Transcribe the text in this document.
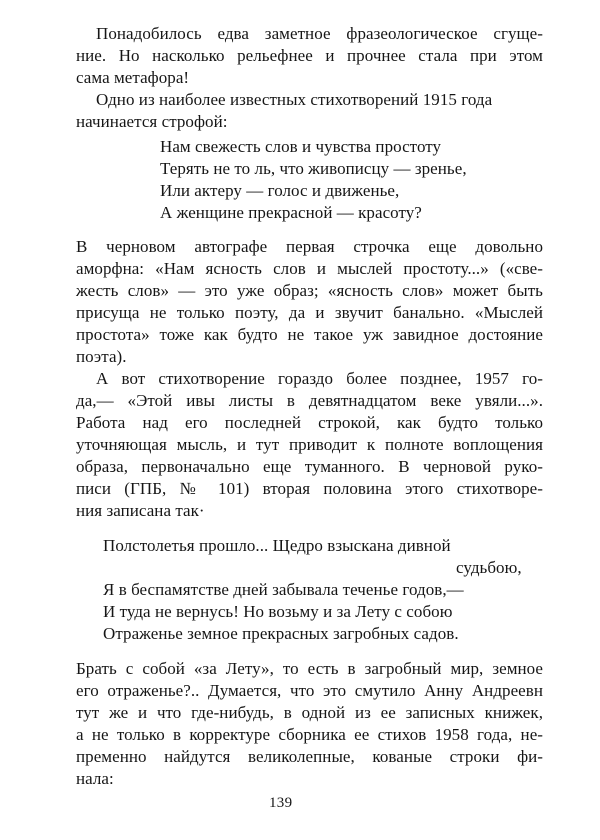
Понадобилось едва заметное фразеологическое сгуще-
ние. Но насколько рельефнее и прочнее стала при этом
сама метафора!
Одно из наиболее известных стихотворений 1915 года
начинается строфой:
Нам свежесть слов и чувства простоту
Терять не то ль, что живописцу — зренье,
Или актеру — голос и движенье,
А женщине прекрасной — красоту?
В черновом автографе первая строчка еще довольно
аморфна: «Нам ясность слов и мыслей простоту...» («све-
жесть слов» — это уже образ; «ясность слов» может быть
присуща не только поэту, да и звучит банально. «Мыслей
простота» тоже как будто не такое уж завидное достояние
поэта).
А вот стихотворение гораздо более позднее, 1957 го-
да,— «Этой ивы листы в девятнадцатом веке увяли...».
Работа над его последней строкой, как будто только
уточняющая мысль, и тут приводит к полноте воплощения
образа, первоначально еще туманного. В черновой руко-
писи (ГПБ, № 101) вторая половина этого стихотворе-
ния записана так·
Полстолетья прошло... Щедро взыскана дивной
судьбою,
Я в беспамятстве дней забывала теченье годов,—
И туда не вернусь! Но возьму и за Лету с собою
Отраженье земное прекрасных загробных садов.
Брать с собой «за Лету», то есть в загробный мир, земное
его отраженье?.. Думается, что это смутило Анну Андреевн
тут же и что где-нибудь, в одной из ее записных книжек,
а не только в корректуре сборника ее стихов 1958 года, не-
пременно найдутся великолепные, кованые строки фи-
нала:
139
